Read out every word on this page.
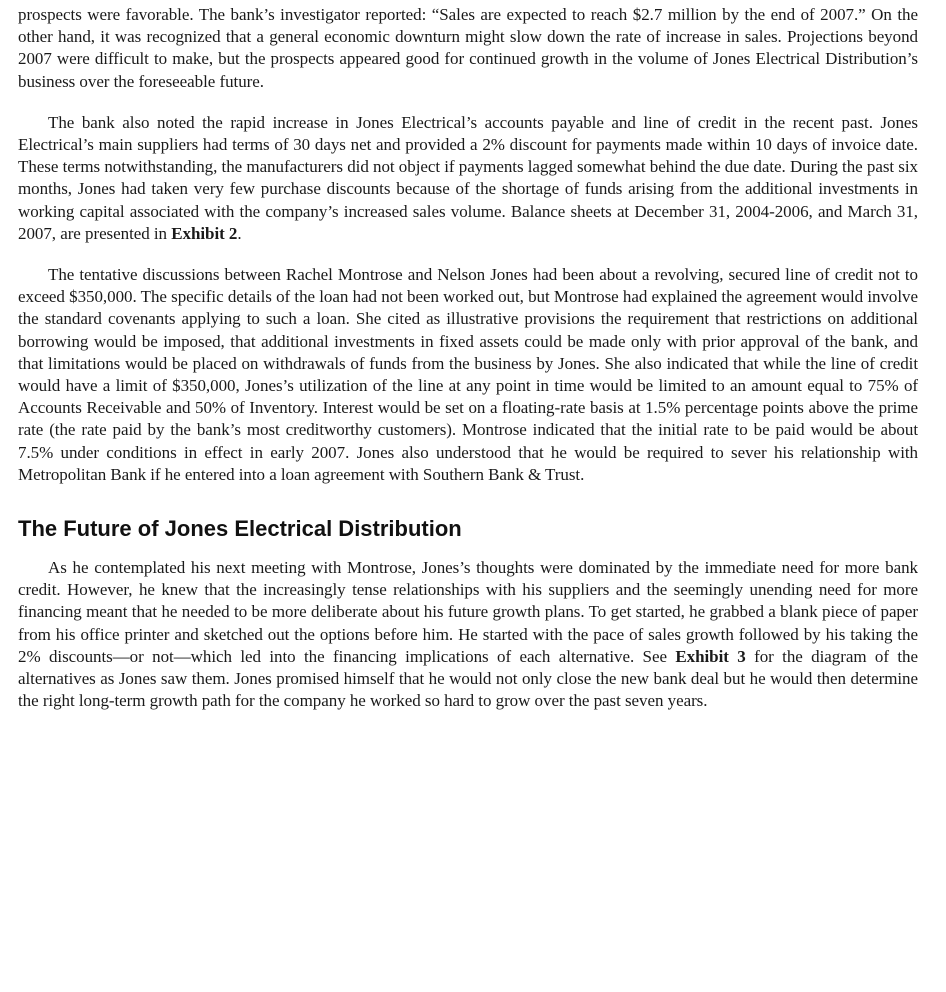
prospects were favorable. The bank’s investigator reported: “Sales are expected to reach $2.7 million by the end of 2007.” On the other hand, it was recognized that a general economic downturn might slow down the rate of increase in sales. Projections beyond 2007 were difficult to make, but the prospects appeared good for continued growth in the volume of Jones Electrical Distribution’s business over the foreseeable future.

The bank also noted the rapid increase in Jones Electrical’s accounts payable and line of credit in the recent past. Jones Electrical’s main suppliers had terms of 30 days net and provided a 2% discount for payments made within 10 days of invoice date. These terms notwithstanding, the manufacturers did not object if payments lagged somewhat behind the due date. During the past six months, Jones had taken very few purchase discounts because of the shortage of funds arising from the additional investments in working capital associated with the company’s increased sales volume. Balance sheets at December 31, 2004-2006, and March 31, 2007, are presented in Exhibit 2.

The tentative discussions between Rachel Montrose and Nelson Jones had been about a revolving, secured line of credit not to exceed $350,000. The specific details of the loan had not been worked out, but Montrose had explained the agreement would involve the standard covenants applying to such a loan. She cited as illustrative provisions the requirement that restrictions on additional borrowing would be imposed, that additional investments in fixed assets could be made only with prior approval of the bank, and that limitations would be placed on withdrawals of funds from the business by Jones. She also indicated that while the line of credit would have a limit of $350,000, Jones’s utilization of the line at any point in time would be limited to an amount equal to 75% of Accounts Receivable and 50% of Inventory. Interest would be set on a floating-rate basis at 1.5% percentage points above the prime rate (the rate paid by the bank’s most creditworthy customers). Montrose indicated that the initial rate to be paid would be about 7.5% under conditions in effect in early 2007. Jones also understood that he would be required to sever his relationship with Metropolitan Bank if he entered into a loan agreement with Southern Bank & Trust.

The Future of Jones Electrical Distribution

As he contemplated his next meeting with Montrose, Jones’s thoughts were dominated by the immediate need for more bank credit. However, he knew that the increasingly tense relationships with his suppliers and the seemingly unending need for more financing meant that he needed to be more deliberate about his future growth plans. To get started, he grabbed a blank piece of paper from his office printer and sketched out the options before him. He started with the pace of sales growth followed by his taking the 2% discounts—or not—which led into the financing implications of each alternative. See Exhibit 3 for the diagram of the alternatives as Jones saw them. Jones promised himself that he would not only close the new bank deal but he would then determine the right long-term growth path for the company he worked so hard to grow over the past seven years.
